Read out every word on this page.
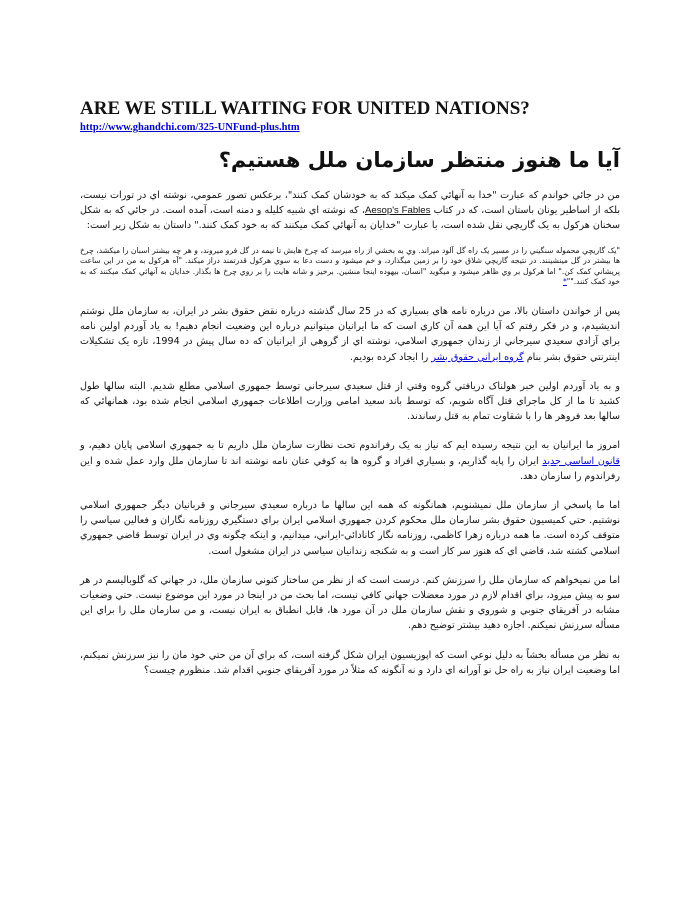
ARE WE STILL WAITING FOR UNITED NATIONS?
http://www.ghandchi.com/325-UNFund-plus.htm
آیا ما هنوز منتظر سازمان ملل هستیم؟

من در جائي خواندم که عبارت "خدا به آنهائي کمک ميکند که به خودشان کمک کنند"، برعکس تصور عمومي، نوشته اي در تورات نيست، بلکه از اساطير يونان باستان است، که در کتاب Aesop's Fables، که نوشته اي شبيه کليله و دمنه است، آمده است. در جائي که به شکل سخنان هرکول به يک گاريچي نقل شده است، با عبارت "خدايان به آنهائي کمک ميکنند که به خود کمک کنند." داستان به شکل زير است:

"يک گاريچي محموله سنگيني را در مسير يک راه گل آلود ميراند. وي به بخشي از راه ميرسد که چرخ هايش تا نيمه در گل فرو ميروند، و هر چه بيشتر اسبان را ميکشد، چرخ ها بيشتر در گل مينشينند. در نتيجه گاريچي شلاق خود را بر زمين ميگذارد، و خم ميشود و دست دعا به سوي هرکول قدرتمند دراز ميکند. "آه هرکول به من در اين ساعت پريشاني کمک کن." اما هرکول بر وي ظاهر ميشود و ميگويد "انسان، بيهوده اينجا منشين. برخيز و شانه هايت را بر روي چرخ ها بگذار. خدايان به آنهائي کمک ميکنند که به خود کمک کنند.""*

پس از خواندن داستان بالا، من درباره نامه هاي بسياري که در 25 سال گذشته درباره نقض حقوق بشر در ايران، به سازمان ملل نوشتم انديشيدم، و در فکر رفتم که آيا اين همه آن کاري است که ما ايرانيان ميتوانيم درباره اين وضعيت انجام دهيم! به ياد آوردم اولين نامه براي آزادي سعيدي سيرجاني از زندان جمهوري اسلامي، نوشته اي از گروهي از ايرانيان که ده سال پيش در 1994، تازه يک تشکيلات اينترنتي حقوق بشر بنام گروه ايراني حقوق بشر را ايجاد کرده بوديم.

و به ياد آوردم اولين خبر هولناک دريافتي گروه وقتي از قتل سعيدي سيرجاني توسط جمهوري اسلامي مطلع شديم. البته سالها طول کشيد تا ما از کل ماجراي قتل آگاه شويم، که توسط باند سعيد امامي وزارت اطلاعات جمهوري اسلامي انجام شده بود، همانهائي که سالها بعد فروهر ها را با شقاوت تمام به قتل رساندند.

امروز ما ايرانيان به اين نتيجه رسيده ايم که نياز به يک رفراندوم تحت نظارت سازمان ملل داريم تا به جمهوري اسلامي پايان دهيم، و قانون اساسي جديد ايران را پايه گذاريم، و بسياري افراد و گروه ها به کوفي عنان نامه نوشته اند تا سازمان ملل وارد عمل شده و اين رفراندوم را سازمان دهد.

اما ما پاسخي از سازمان ملل نميشنويم، همانگونه که همه اين سالها ما درباره سعيدي سيرجاني و قربانيان ديگر جمهوري اسلامي نوشتيم. حتي کميسيون حقوق بشر سازمان ملل محکوم کردن جمهوري اسلامي ايران براي دستگيري روزنامه نگاران و فعالين سياسي را متوقف کرده است. ما همه درباره زهرا کاظمي، روزنامه نگار کانادائي-ايراني، ميدانيم، و اينکه چگونه وي در ايران توسط قاضي جمهوري اسلامي کشته شد، قاضي اي که هنوز سر کار است و به شکنجه زندانيان سياسي در ايران مشغول است.

اما من نميخواهم که سازمان ملل را سرزنش کنم. درست است که از نظر من ساختار کنوني سازمان ملل، در جهاني که گلوباليسم در هر سو به پيش ميرود، براي اقدام لازم در مورد معضلات جهاني کافي نيست، اما بحث من در اينجا در مورد اين موضوع نيست. حتي وضعيات مشابه در آفريقاي جنوبي و شوروي و نقش سازمان ملل در آن مورد ها، قابل انطباق به ايران نيست، و من سازمان ملل را براي اين مسأله سرزنش نميکنم. اجازه دهيد بيشتر توضيح دهم.

به نظر من مسأله بخشاً به دليل نوعي است که اپوزيسيون ايران شکل گرفته است، که براي آن من حتي خود مان را نيز سرزنش نميکنم، اما وضعيت ايران نياز به راه حل نو آورانه اي دارد و نه آنگونه که مثلاً در مورد آفريقاي جنوبي اقدام شد. منظورم چيست؟
